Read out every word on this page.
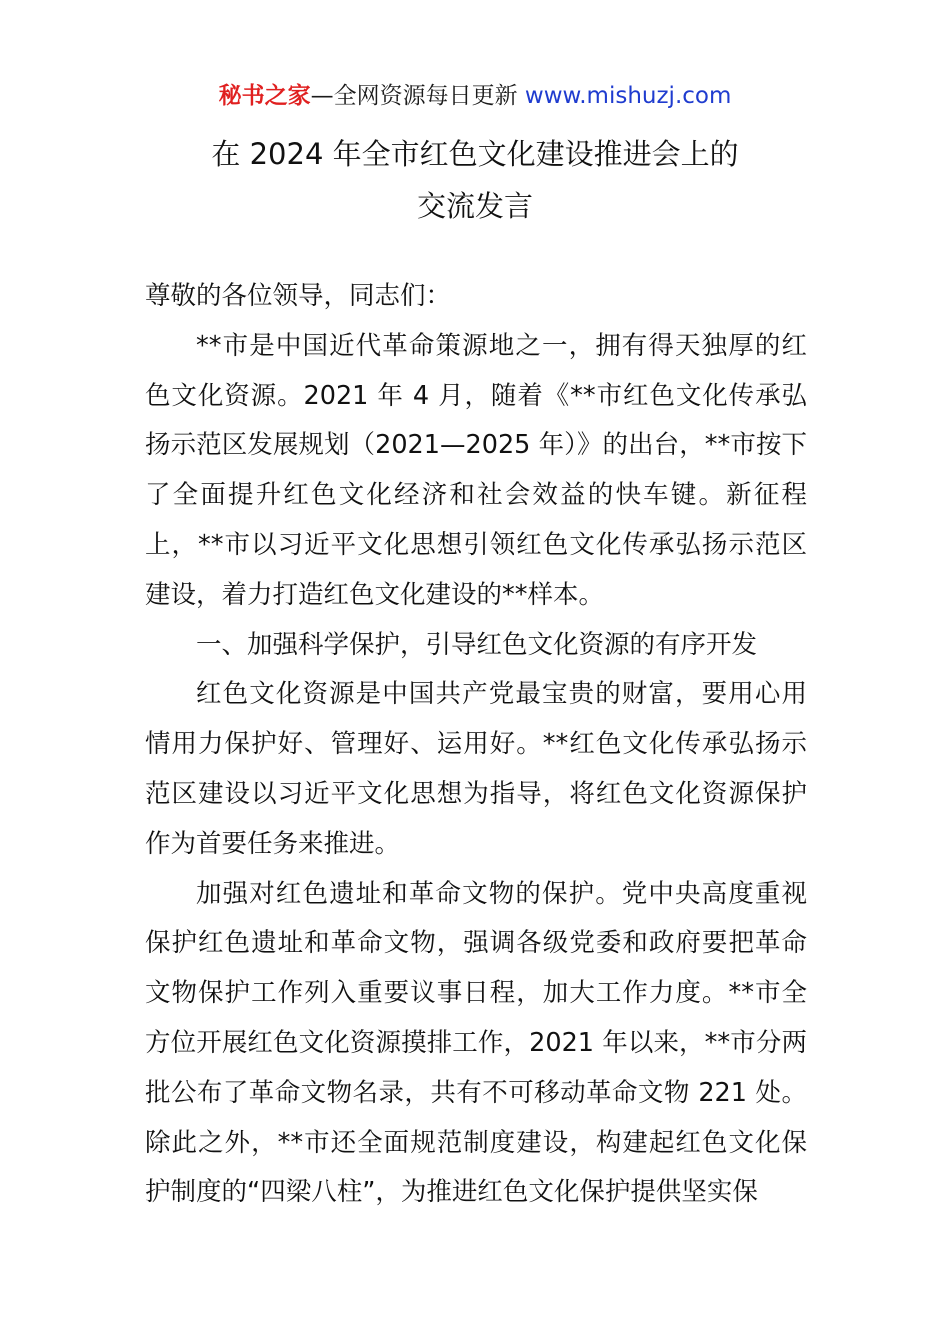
秘书之家—全网资源每日更新 www.mishuzj.com
在 2024 年全市红色文化建设推进会上的
交流发言

尊敬的各位领导，同志们：

**市是中国近代革命策源地之一，拥有得天独厚的红色文化资源。2021 年 4 月，随着《**市红色文化传承弘扬示范区发展规划（2021—2025 年）》的出台，**市按下了全面提升红色文化经济和社会效益的快车键。新征程上，**市以习近平文化思想引领红色文化传承弘扬示范区建设，着力打造红色文化建设的**样本。

一、加强科学保护，引导红色文化资源的有序开发

红色文化资源是中国共产党最宝贵的财富，要用心用情用力保护好、管理好、运用好。**红色文化传承弘扬示范区建设以习近平文化思想为指导，将红色文化资源保护作为首要任务来推进。

加强对红色遗址和革命文物的保护。党中央高度重视保护红色遗址和革命文物，强调各级党委和政府要把革命文物保护工作列入重要议事日程，加大工作力度。**市全方位开展红色文化资源摸排工作，2021 年以来，**市分两批公布了革命文物名录，共有不可移动革命文物 221 处。除此之外，**市还全面规范制度建设，构建起红色文化保护制度的“四梁八柱”，为推进红色文化保护提供坚实保
